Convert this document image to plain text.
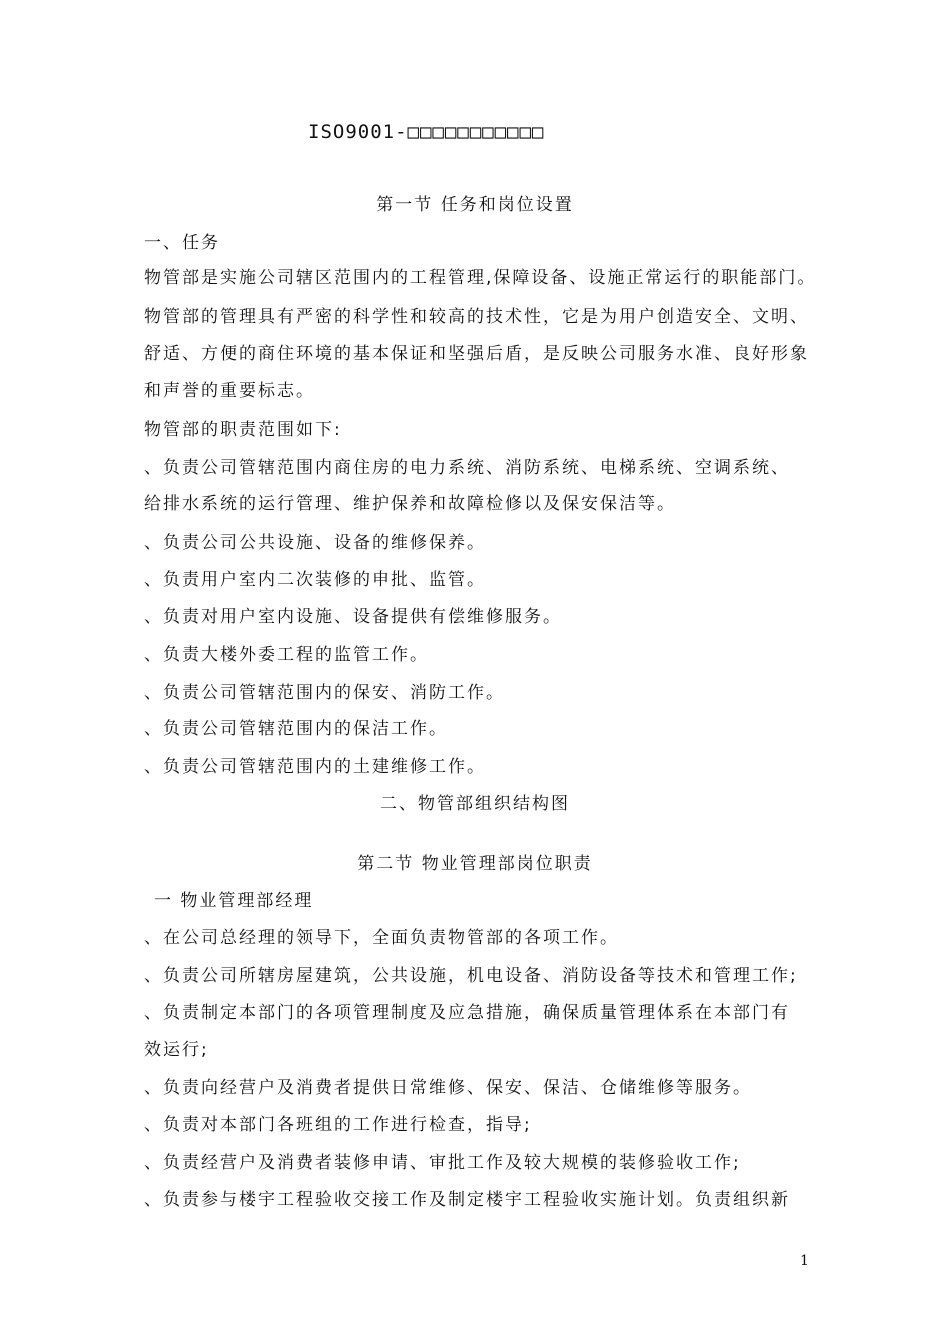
ISO9001-□□□□□□□□□□□
第一节 任务和岗位设置
一、任务
物管部是实施公司辖区范围内的工程管理,保障设备、设施正常运行的职能部门。
物管部的管理具有严密的科学性和较高的技术性，它是为用户创造安全、文明、
舒适、方便的商住环境的基本保证和坚强后盾，是反映公司服务水准、良好形象
和声誉的重要标志。
物管部的职责范围如下:
、负责公司管辖范围内商住房的电力系统、消防系统、电梯系统、空调系统、
给排水系统的运行管理、维护保养和故障检修以及保安保洁等。
、负责公司公共设施、设备的维修保养。
、负责用户室内二次装修的申批、监管。
、负责对用户室内设施、设备提供有偿维修服务。
、负责大楼外委工程的监管工作。
、负责公司管辖范围内的保安、消防工作。
、负责公司管辖范围内的保洁工作。
、负责公司管辖范围内的土建维修工作。
二、物管部组织结构图
第二节 物业管理部岗位职责
一 物业管理部经理
、在公司总经理的领导下，全面负责物管部的各项工作。
、负责公司所辖房屋建筑，公共设施，机电设备、消防设备等技术和管理工作;
、负责制定本部门的各项管理制度及应急措施，确保质量管理体系在本部门有
效运行;
、负责向经营户及消费者提供日常维修、保安、保洁、仓储维修等服务。
、负责对本部门各班组的工作进行检查，指导;
、负责经营户及消费者装修申请、审批工作及较大规模的装修验收工作;
、负责参与楼宇工程验收交接工作及制定楼宇工程验收实施计划。负责组织新
1
